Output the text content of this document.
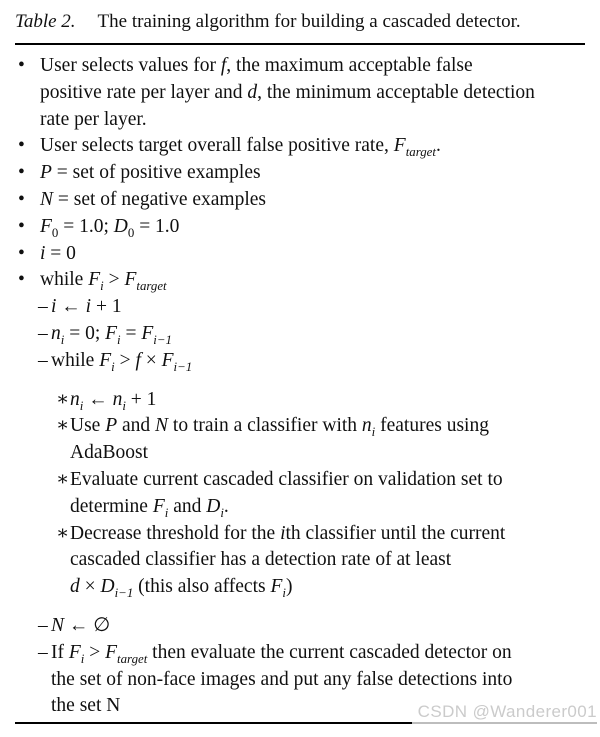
Table 2. The training algorithm for building a cascaded detector.
• User selects values for f, the maximum acceptable false
positive rate per layer and d, the minimum acceptable detection
rate per layer.
• User selects target overall false positive rate, $F_{target}$.
• P = set of positive examples
• N = set of negative examples
• $F_0 = 1.0$; $D_0 = 1.0$
• i = 0
• while $F_i > F_{target}$
– i ← i + 1
– $n_i = 0$; $F_i = F_{i-1}$
– while $F_i > f \times F_{i-1}$
∗ $n_i$ ← $n_i + 1$
∗ Use P and N to train a classifier with $n_i$ features using
AdaBoost
∗ Evaluate current cascaded classifier on validation set to
determine $F_i$ and $D_i$.
∗ Decrease threshold for the ith classifier until the current
cascaded classifier has a detection rate of at least
$d \times D_{i-1}$ (this also affects $F_i$)
– N ← ∅
– If $F_i > F_{target}$ then evaluate the current cascaded detector on
the set of non-face images and put any false detections into
the set N	CSDN @Wanderer001
